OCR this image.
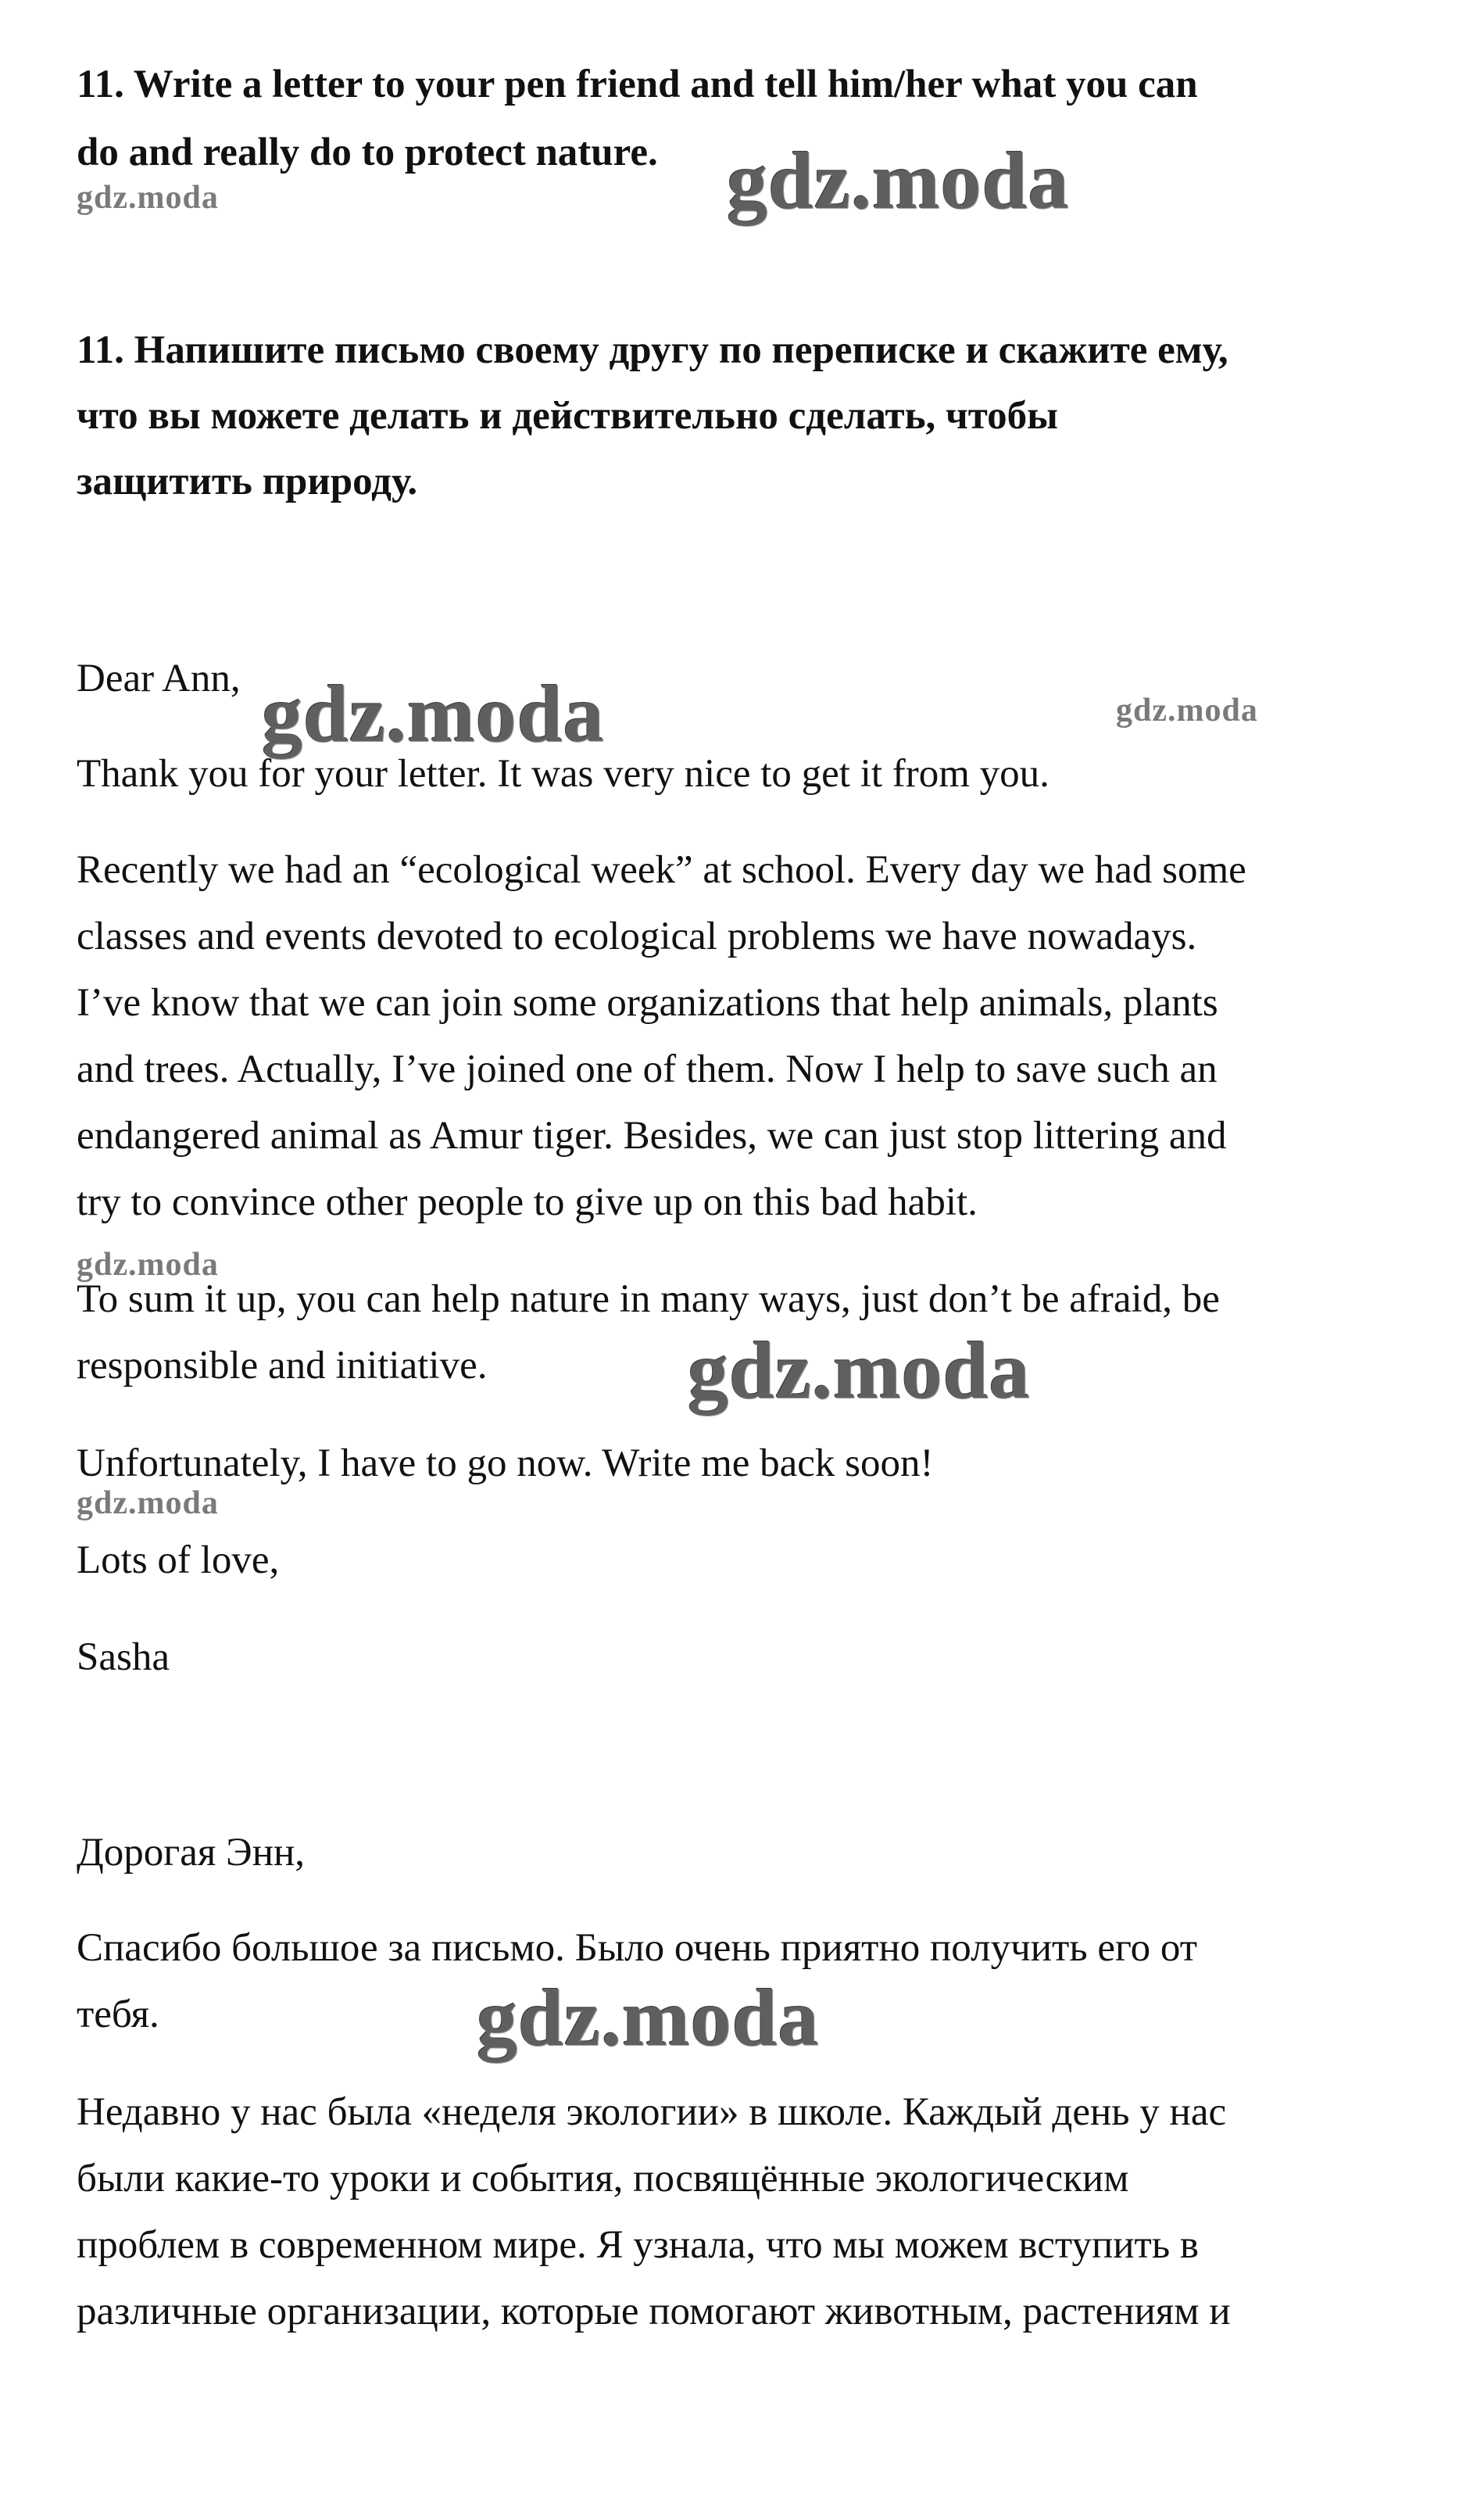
11. Write a letter to your pen friend and tell him/her what you can
do and really do to protect nature.
11. Напишите письмо своему другу по переписке и скажите ему,
что вы можете делать и действительно сделать, чтобы
защитить природу.
Dear Ann,
Thank you for your letter. It was very nice to get it from you.
Recently we had an “ecological week” at school. Every day we had some
classes and events devoted to ecological problems we have nowadays.
I’ve know that we can join some organizations that help animals, plants
and trees. Actually, I’ve joined one of them. Now I help to save such an
endangered animal as Amur tiger. Besides, we can just stop littering and
try to convince other people to give up on this bad habit.
To sum it up, you can help nature in many ways, just don’t be afraid, be
responsible and initiative.
Unfortunately, I have to go now. Write me back soon!
Lots of love,
Sasha
Дорогая Энн,
Спасибо большое за письмо. Было очень приятно получить его от
тебя.
Недавно у нас была «неделя экологии» в школе. Каждый день у нас
были какие-то уроки и события, посвящённые экологическим
проблем в современном мире. Я узнала, что мы можем вступить в
различные организации, которые помогают животным, растениям и
gdz.moda
gdz.moda
gdz.moda	gdz.moda
gdz.moda
gdz.moda
gdz.moda
gdz.moda
